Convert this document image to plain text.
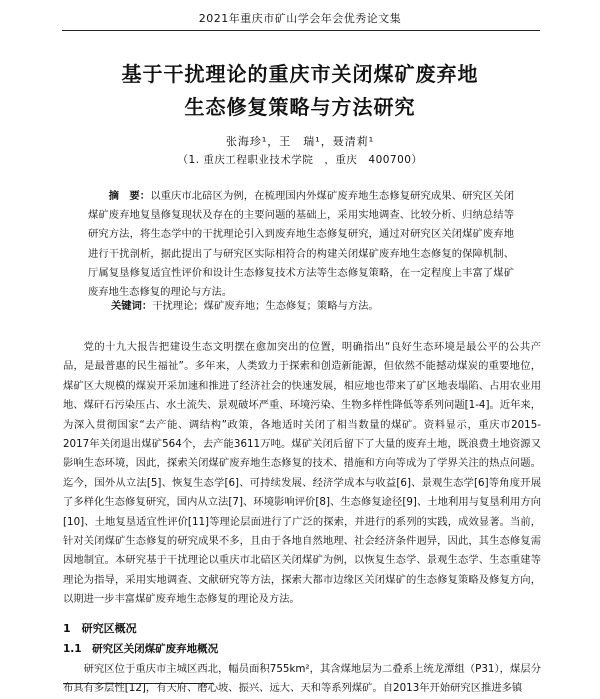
2021年重庆市矿山学会年会优秀论文集
基于干扰理论的重庆市关闭煤矿废弃地
生态修复策略与方法研究
张海珍¹，王　瑞¹，聂清莉¹
（1. 重庆工程职业技术学院　，重庆　400700）
摘　要：以重庆市北碚区为例，在梳理国内外煤矿废弃地生态修复研究成果、研究区关闭煤矿废弃地复垦修复现状及存在的主要问题的基础上，采用实地调查、比较分析、归纳总结等研究方法，将生态学中的干扰理论引入到废弃地生态修复研究，通过对研究区关闭煤矿废弃地进行干扰剖析，据此提出了与研究区实际相符合的构建关闭煤矿废弃地生态修复的保障机制、厅属复垦修复适宜性评价和设计生态修复技术方法等生态修复策略，在一定程度上丰富了煤矿废弃地生态修复的理论与方法。
关键词：干扰理论；煤矿废弃地；生态修复；策略与方法。
党的十九大报告把建设生态文明摆在愈加突出的位置，明确指出“良好生态环境是最公平的公共产品，是最普惠的民生福祉”。多年来，人类致力于探索和创造新能源，但依然不能撼动煤炭的重要地位，煤矿区大规模的煤炭开采加速和推进了经济社会的快速发展，相应地也带来了矿区地表塌陷、占用农业用地、煤矸石污染压占、水土流失、景观破坏严重、环境污染、生物多样性降低等系列问题[1-4]。近年来，为深入贯彻国家“去产能、调结构”政策，各地适时关闭了相当数量的煤矿。资料显示，重庆市2015-2017年关闭退出煤矿564个，去产能3611万吨。煤矿关闭后留下了大量的废弃土地，既浪费土地资源又影响生态环境，因此，探索关闭煤矿废弃地生态修复的技术、措施和方向等成为了学界关注的热点问题。迄今，国外从立法[5]、恢复生态学[6]、可持续发展、经济学成本与收益[6]、景观生态学[6]等角度开展了多样化生态修复研究，国内从立法[7]、环境影响评价[8]、生态修复途径[9]、土地利用与复垦利用方向[10]、土地复垦适宜性评价[11]等理论层面进行了广泛的探索，并进行的系列的实践，成效显著。当前，针对关闭煤矿生态修复的研究成果不多，且由于各地自然地理、社会经济条件迥异，因此，其生态修复需因地制宜。本研究基于干扰理论以重庆市北碚区关闭煤矿为例，以恢复生态学、景观生态学、生态重建等理论为指导，采用实地调查、文献研究等方法，探索大都市边缘区关闭煤矿的生态修复策略及修复方向，以期进一步丰富煤矿废弃地生态修复的理论及方法。
1　研究区概况
1.1　研究区关闭煤矿废弃地概况
研究区位于重庆市主城区西北，幅员面积755km²，其含煤地层为二叠系上统龙潭组（P31），煤层分布具有多层性[12]，有天府、磨心坡、振兴、远大、天和等系列煤矿。自2013年开始研究区推进多镇
